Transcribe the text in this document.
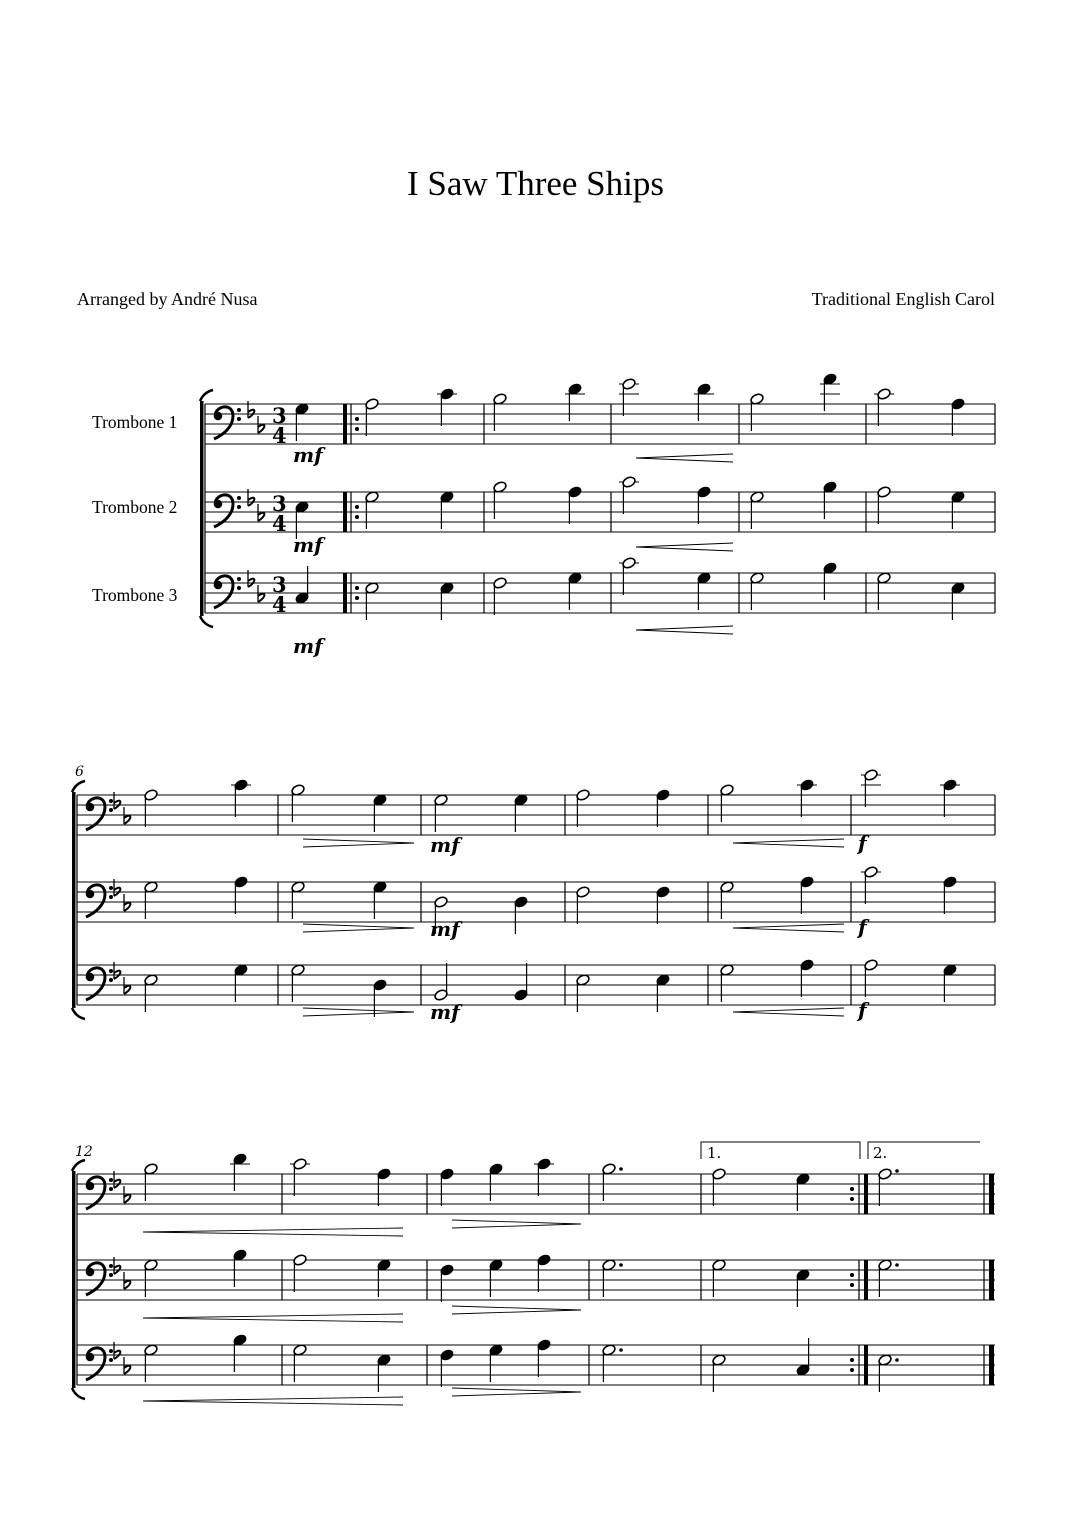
I Saw Three Ships
Arranged by André Nusa	Traditional English Carol
Trombone 1
Trombone 2
Trombone 3
3
4
3
4
3
4
mf
mf
mf
6
mf	f
mf	f
mf	f
12	1.	2.
